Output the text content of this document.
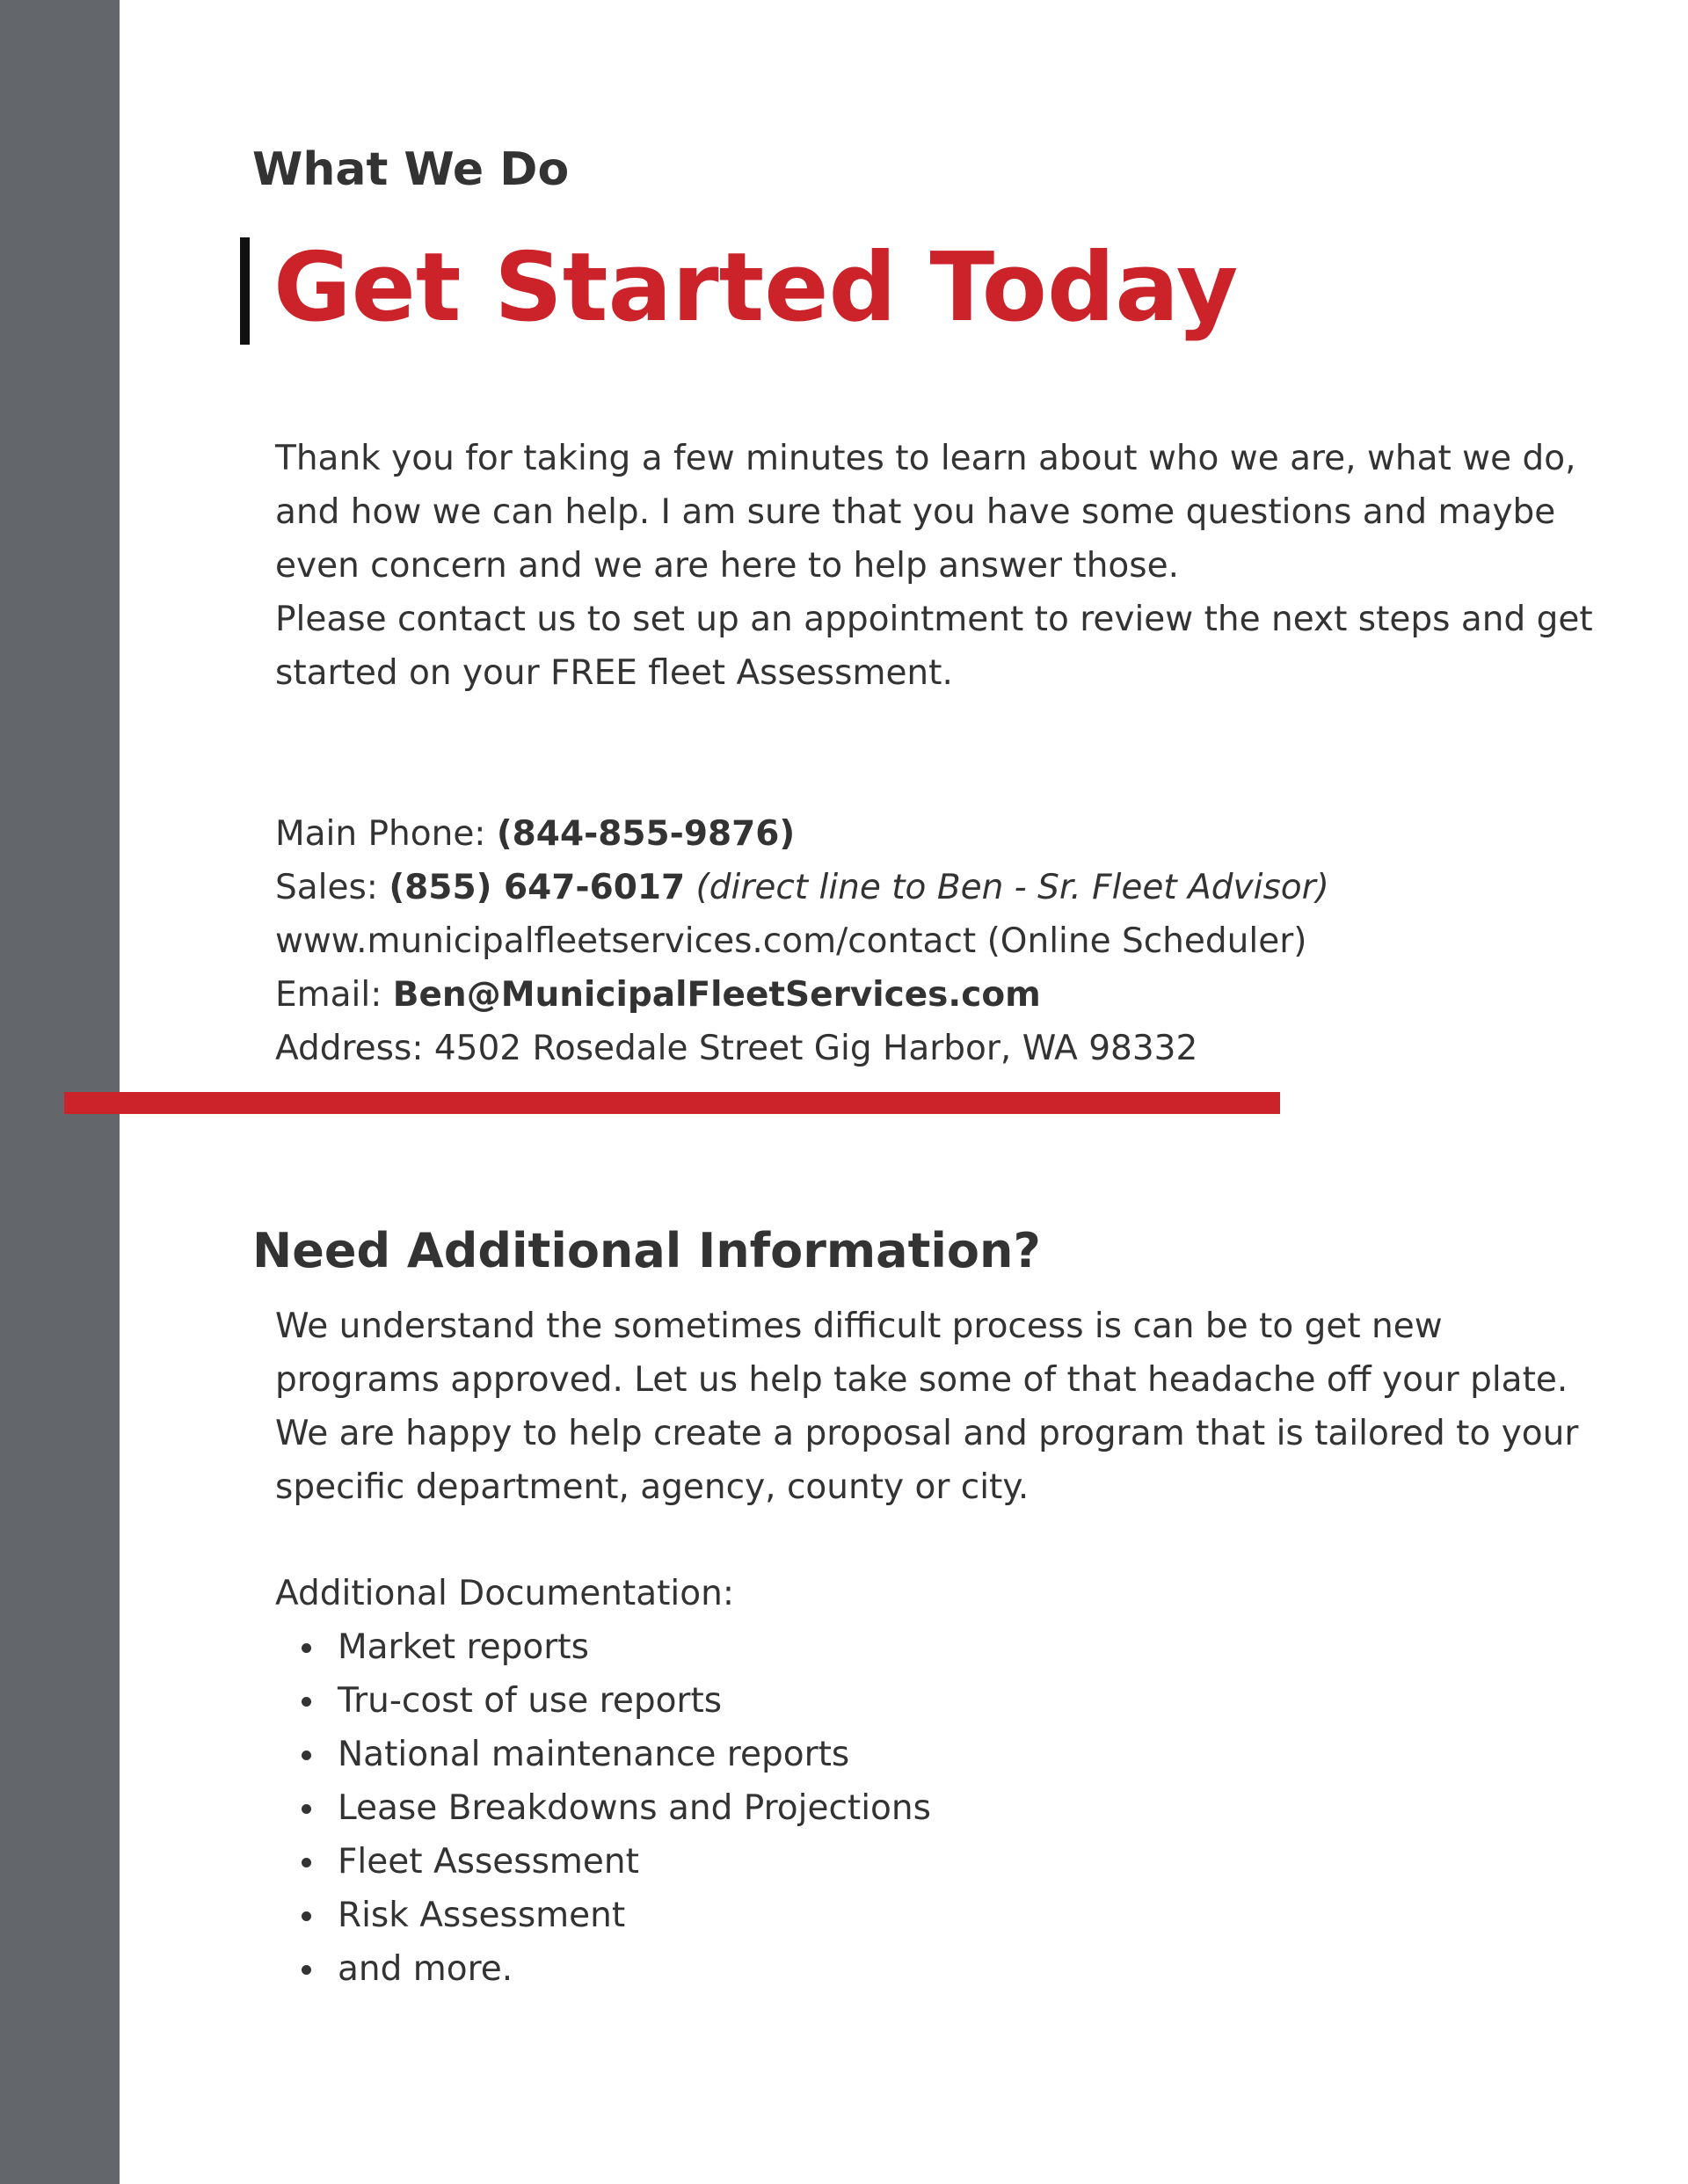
What We Do
Get Started Today

Thank you for taking a few minutes to learn about who we are, what we do,

and how we can help. I am sure that you have some questions and maybe

even concern and we are here to help answer those.

Please contact us to set up an appointment to review the next steps and get

started on your FREE fleet Assessment.

Main Phone: (844-855-9876)
Sales: (855) 647-6017 (direct line to Ben - Sr. Fleet Advisor)
www.municipalfleetservices.com/contact (Online Scheduler)
Email: Ben@MunicipalFleetServices.com
Address: 4502 Rosedale Street Gig Harbor, WA 98332
Need Additional Information?

We understand the sometimes difficult process is can be to get new

programs approved. Let us help take some of that headache off your plate.

We are happy to help create a proposal and program that is tailored to your

specific department, agency, county or city.

Additional Documentation:
Market reports
Tru-cost of use reports
National maintenance reports
Lease Breakdowns and Projections
Fleet Assessment
Risk Assessment
and more.
